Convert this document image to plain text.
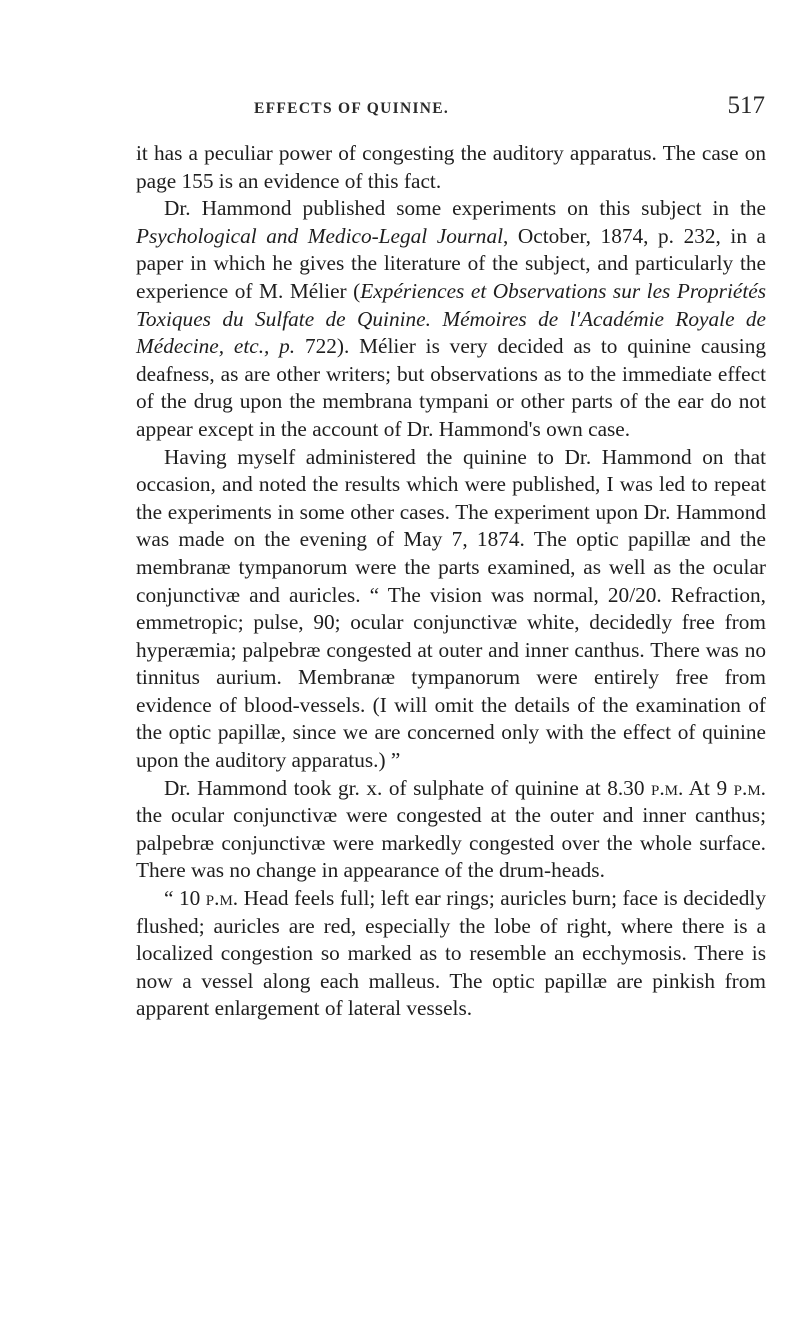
EFFECTS OF QUININE.	517

it has a peculiar power of congesting the auditory apparatus. The case on page 155 is an evidence of this fact.

Dr. Hammond published some experiments on this subject in the Psychological and Medico-Legal Journal, October, 1874, p. 232, in a paper in which he gives the literature of the subject, and particularly the experience of M. Mélier (Expériences et Observations sur les Propriétés Toxiques du Sulfate de Quinine. Mémoires de l'Académie Royale de Médecine, etc., p. 722). Mélier is very decided as to quinine causing deafness, as are other writers; but observations as to the immediate effect of the drug upon the membrana tympani or other parts of the ear do not appear except in the account of Dr. Hammond's own case.

Having myself administered the quinine to Dr. Hammond on that occasion, and noted the results which were published, I was led to repeat the experiments in some other cases. The experiment upon Dr. Hammond was made on the evening of May 7, 1874. The optic papillæ and the membranæ tympanorum were the parts examined, as well as the ocular conjunctivæ and auricles. “ The vision was normal, 20/20. Refraction, emmetropic; pulse, 90; ocular conjunctivæ white, decidedly free from hyperæmia; palpebræ congested at outer and inner canthus. There was no tinnitus aurium. Membranæ tympanorum were entirely free from evidence of blood-vessels. (I will omit the details of the examination of the optic papillæ, since we are concerned only with the effect of quinine upon the auditory apparatus.) ”

Dr. Hammond took gr. x. of sulphate of quinine at 8.30 p.m. At 9 p.m. the ocular conjunctivæ were congested at the outer and inner canthus; palpebræ conjunctivæ were markedly congested over the whole surface. There was no change in appearance of the drum-heads.

“ 10 p.m. Head feels full; left ear rings; auricles burn; face is decidedly flushed; auricles are red, especially the lobe of right, where there is a localized congestion so marked as to resemble an ecchymosis. There is now a vessel along each malleus. The optic papillæ are pinkish from apparent enlargement of lateral vessels.
